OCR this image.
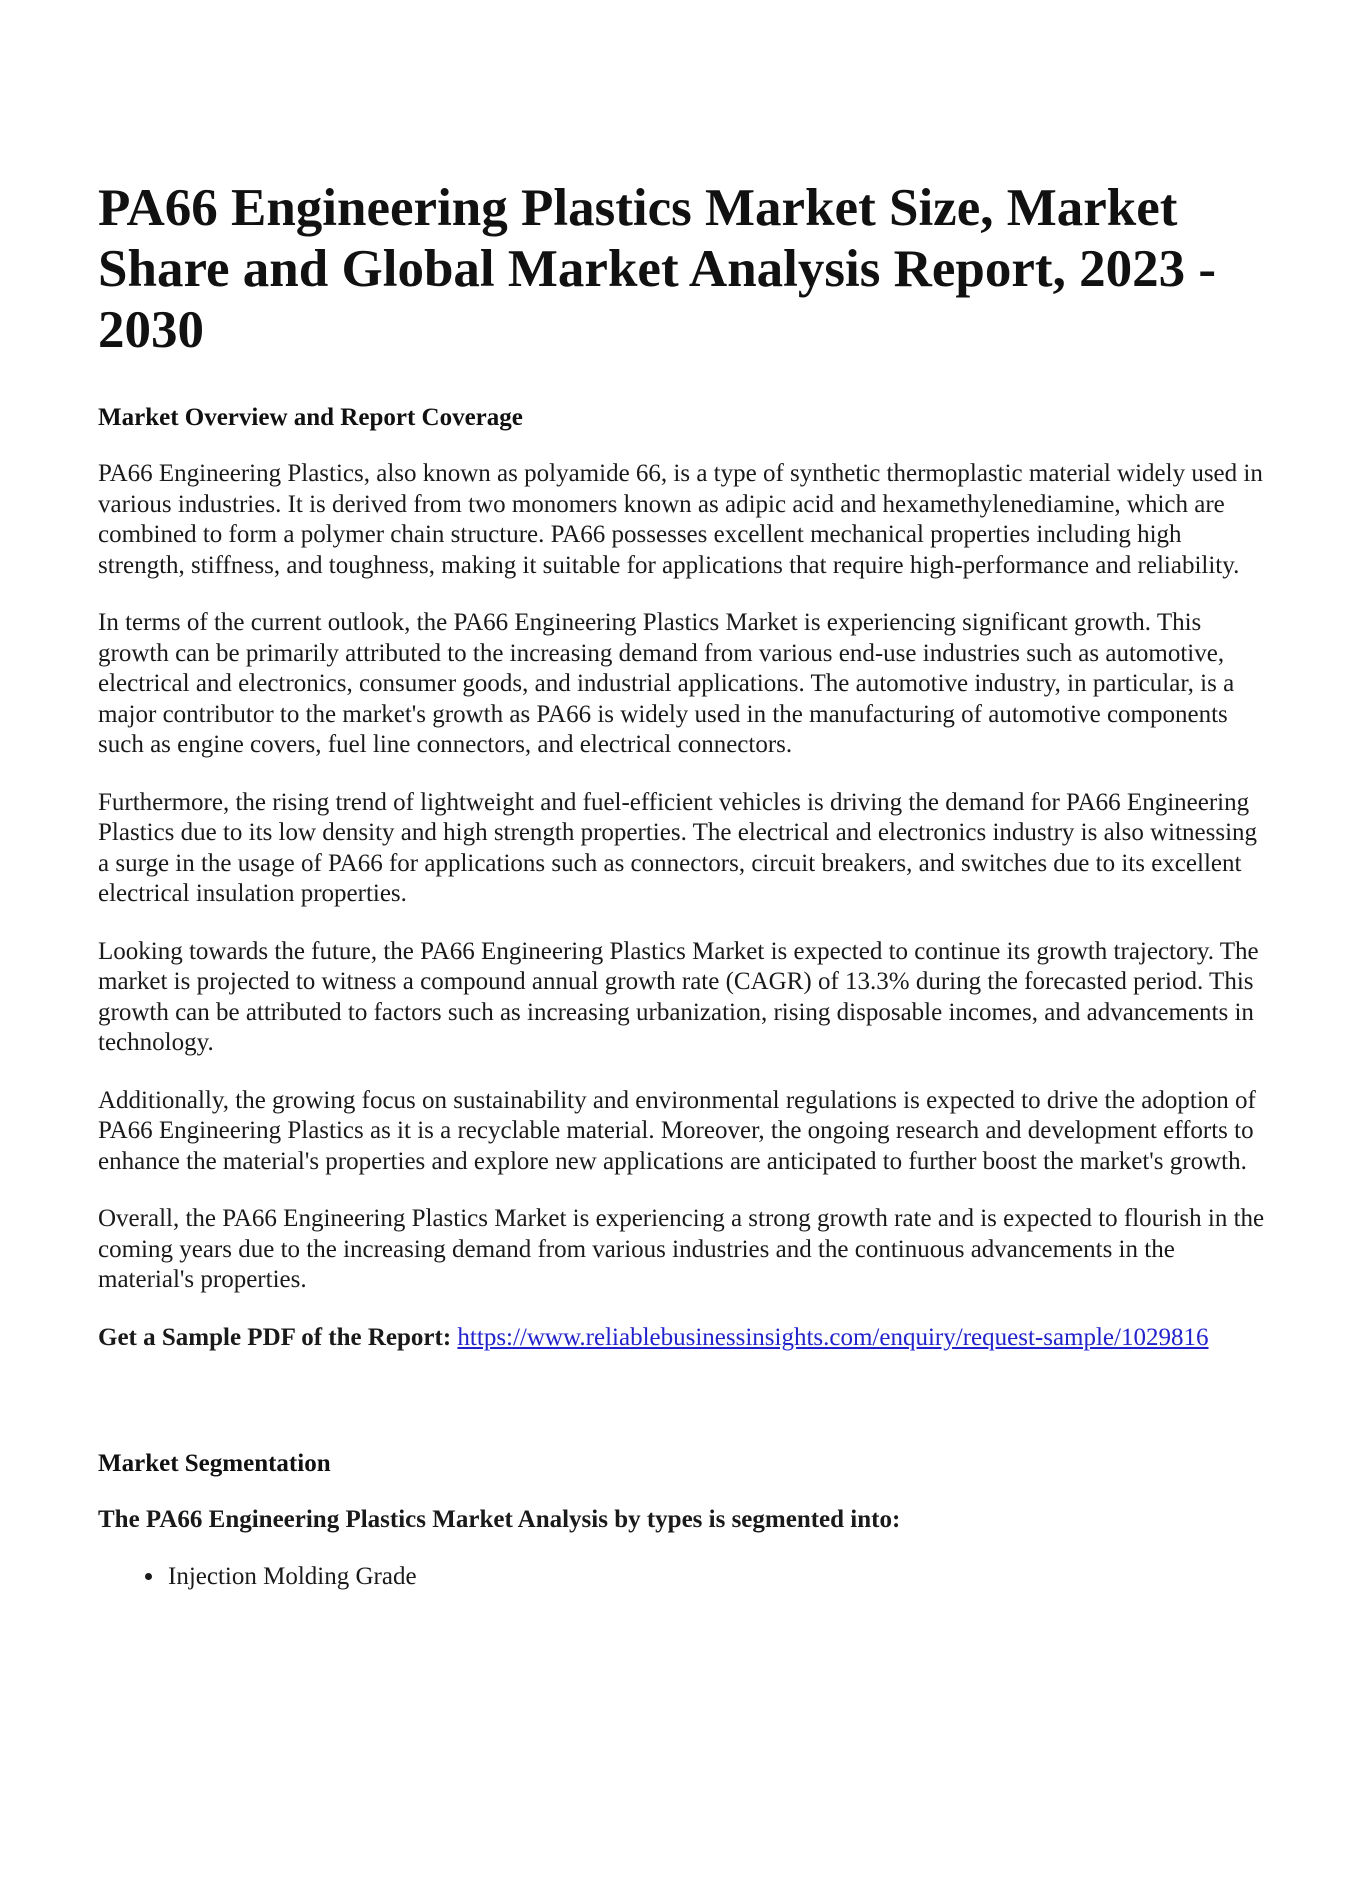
PA66 Engineering Plastics Market Size, Market Share and Global Market Analysis Report, 2023 - 2030
Market Overview and Report Coverage

PA66 Engineering Plastics, also known as polyamide 66, is a type of synthetic thermoplastic material widely used in various industries. It is derived from two monomers known as adipic acid and hexamethylenediamine, which are combined to form a polymer chain structure. PA66 possesses excellent mechanical properties including high strength, stiffness, and toughness, making it suitable for applications that require high-performance and reliability.

In terms of the current outlook, the PA66 Engineering Plastics Market is experiencing significant growth. This growth can be primarily attributed to the increasing demand from various end-use industries such as automotive, electrical and electronics, consumer goods, and industrial applications. The automotive industry, in particular, is a major contributor to the market's growth as PA66 is widely used in the manufacturing of automotive components such as engine covers, fuel line connectors, and electrical connectors.

Furthermore, the rising trend of lightweight and fuel-efficient vehicles is driving the demand for PA66 Engineering Plastics due to its low density and high strength properties. The electrical and electronics industry is also witnessing a surge in the usage of PA66 for applications such as connectors, circuit breakers, and switches due to its excellent electrical insulation properties.

Looking towards the future, the PA66 Engineering Plastics Market is expected to continue its growth trajectory. The market is projected to witness a compound annual growth rate (CAGR) of 13.3% during the forecasted period. This growth can be attributed to factors such as increasing urbanization, rising disposable incomes, and advancements in technology.

Additionally, the growing focus on sustainability and environmental regulations is expected to drive the adoption of PA66 Engineering Plastics as it is a recyclable material. Moreover, the ongoing research and development efforts to enhance the material's properties and explore new applications are anticipated to further boost the market's growth.

Overall, the PA66 Engineering Plastics Market is experiencing a strong growth rate and is expected to flourish in the coming years due to the increasing demand from various industries and the continuous advancements in the material's properties.

Get a Sample PDF of the Report: https://www.reliablebusinessinsights.com/enquiry/request-sample/1029816

Market Segmentation

The PA66 Engineering Plastics Market Analysis by types is segmented into:

• Injection Molding Grade
